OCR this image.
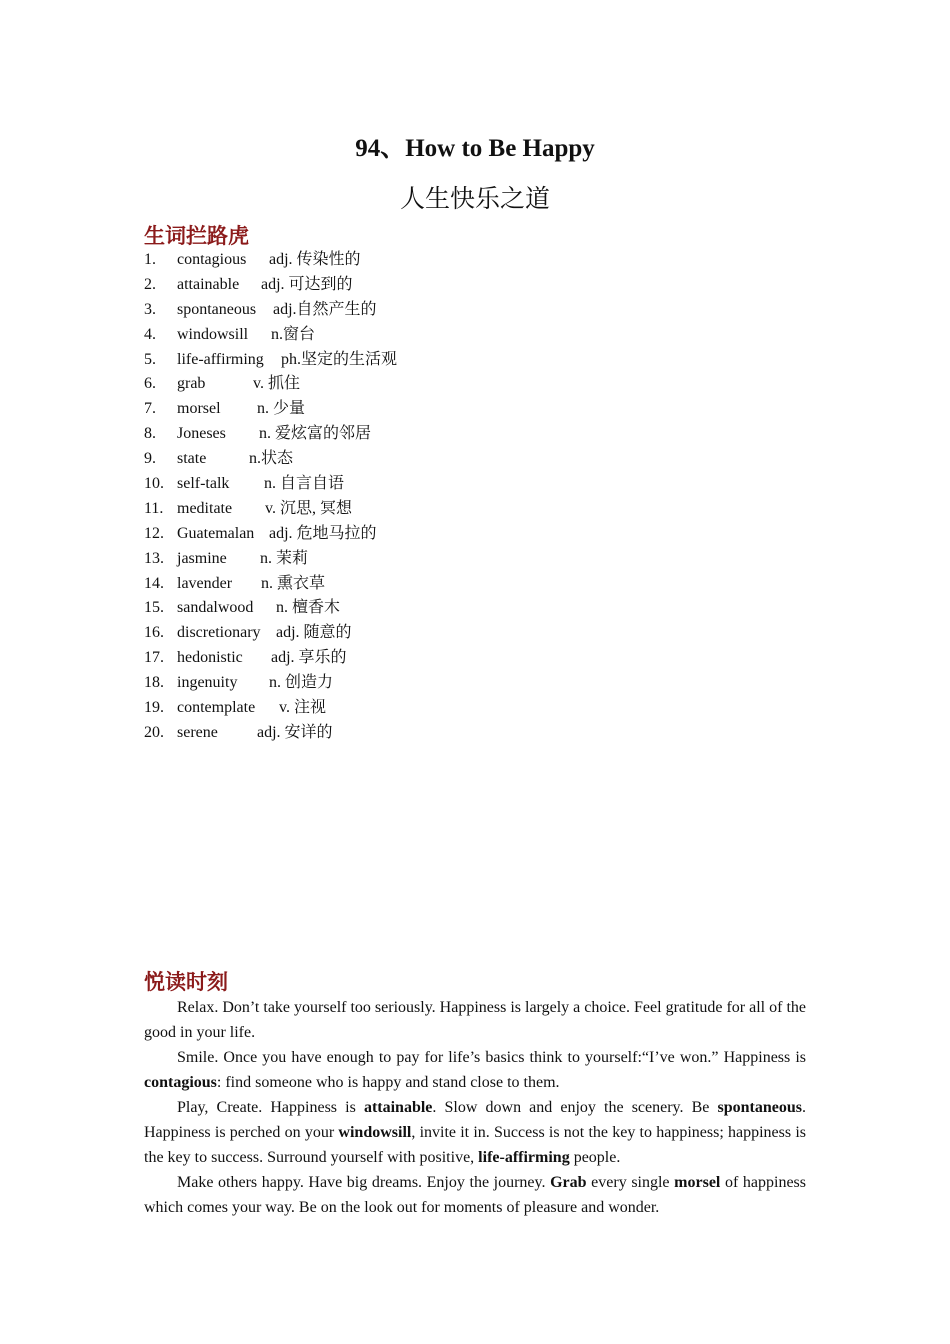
94、How to Be Happy
人生快乐之道
生词拦路虎
1. contagious adj. 传染性的
2. attainable adj. 可达到的
3. spontaneous adj.自然产生的
4. windowsill n.窗台
5. life-affirming ph.坚定的生活观
6. grab	v. 抓住
7. morsel n. 少量
8. Joneses n. 爱炫富的邻居
9. state	n.状态
10. self-talk n. 自言自语
11. meditate v. 沉思, 冥想
12. Guatemalan adj. 危地马拉的
13. jasmine n. 茉莉
14. lavender n. 熏衣草
15. sandalwood n. 檀香木
16. discretionary adj. 随意的
17. hedonistic adj. 享乐的
18. ingenuity n. 创造力
19. contemplate v. 注视
20. serene adj. 安详的
悦读时刻

Relax. Don’t take yourself too seriously. Happiness is largely a choice. Feel gratitude for all of the good in your life.

Smile. Once you have enough to pay for life’s basics think to yourself:“I’ve won.” Happiness is contagious: find someone who is happy and stand close to them.

Play, Create. Happiness is attainable. Slow down and enjoy the scenery. Be spontaneous. Happiness is perched on your windowsill, invite it in. Success is not the key to happiness; happiness is the key to success. Surround yourself with positive, life-affirming people.

Make others happy. Have big dreams. Enjoy the journey. Grab every single morsel of happiness which comes your way. Be on the look out for moments of pleasure and wonder.
